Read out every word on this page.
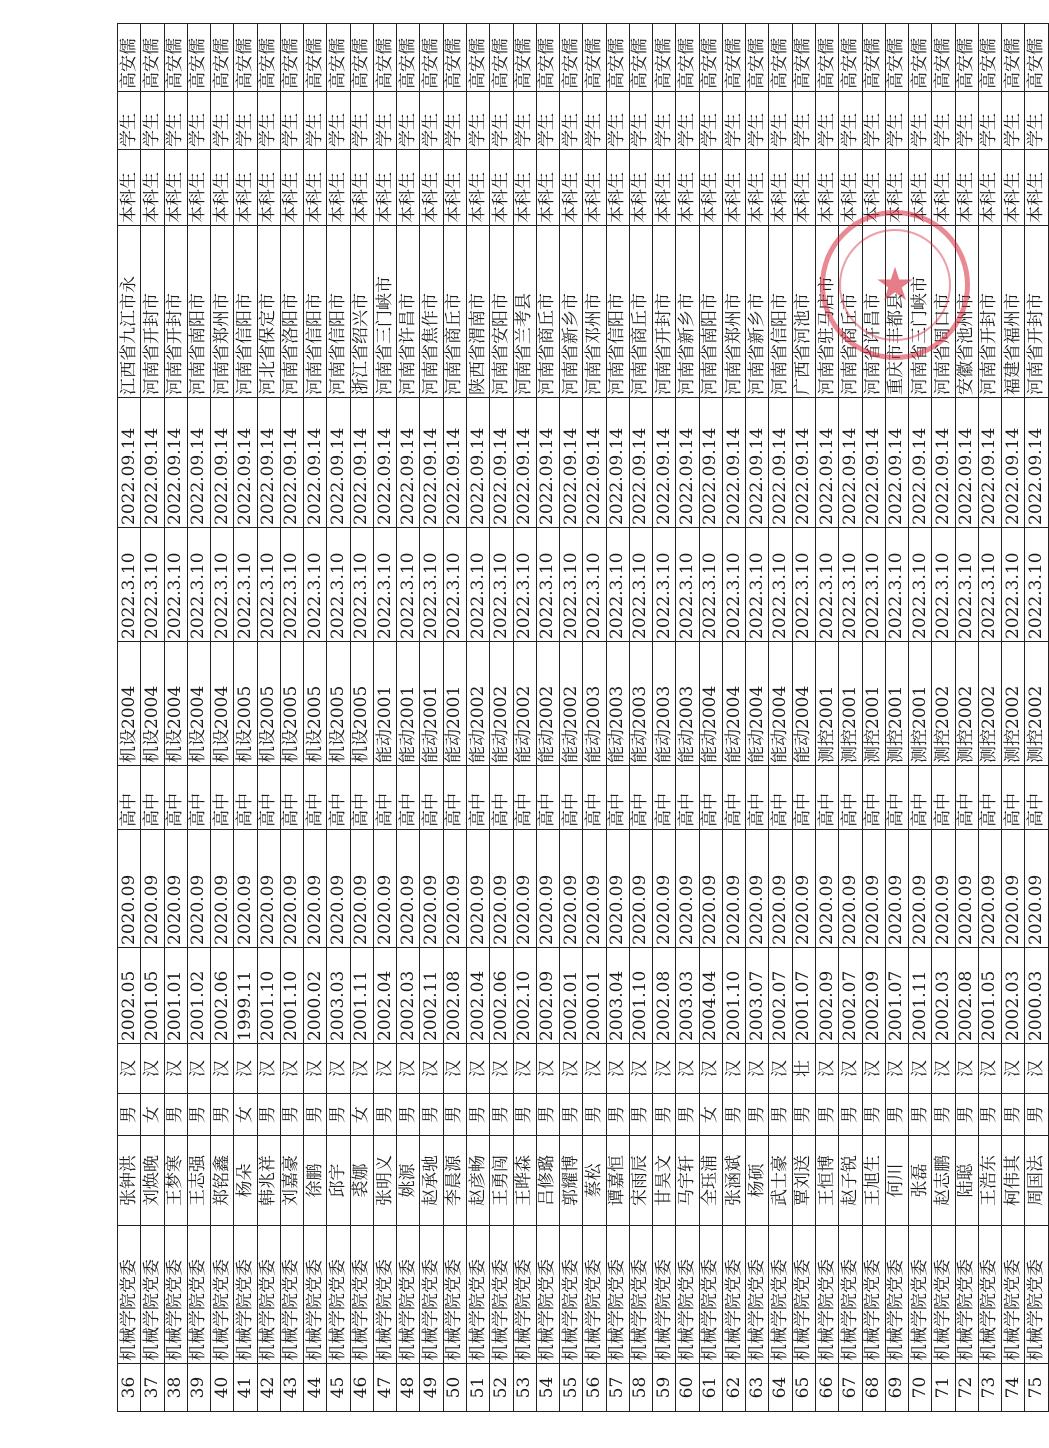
36	机械学院党委	张钟洪	男	汉	2002.05	2020.09	高中	机设2004	2022.3.10	2022.09.14	江西省九江市永	本科生	学生	高安儒
37	机械学院党委	刘焕晚	女	汉	2001.05	2020.09	高中	机设2004	2022.3.10	2022.09.14	河南省开封市	本科生	学生	高安儒
38	机械学院党委	王梦寒	男	汉	2001.01	2020.09	高中	机设2004	2022.3.10	2022.09.14	河南省开封市	本科生	学生	高安儒
39	机械学院党委	王志强	男	汉	2001.02	2020.09	高中	机设2004	2022.3.10	2022.09.14	河南省南阳市	本科生	学生	高安儒
40	机械学院党委	郑铭鑫	男	汉	2002.06	2020.09	高中	机设2004	2022.3.10	2022.09.14	河南省郑州市	本科生	学生	高安儒
41	机械学院党委	杨朵	女	汉	1999.11	2020.09	高中	机设2005	2022.3.10	2022.09.14	河南省信阳市	本科生	学生	高安儒
42	机械学院党委	韩兆祥	男	汉	2001.10	2020.09	高中	机设2005	2022.3.10	2022.09.14	河北省保定市	本科生	学生	高安儒
43	机械学院党委	刘嘉豪	男	汉	2001.10	2020.09	高中	机设2005	2022.3.10	2022.09.14	河南省洛阳市	本科生	学生	高安儒
44	机械学院党委	徐鹏	男	汉	2000.02	2020.09	高中	机设2005	2022.3.10	2022.09.14	河南省信阳市	本科生	学生	高安儒
45	机械学院党委	邱宇	男	汉	2003.03	2020.09	高中	机设2005	2022.3.10	2022.09.14	河南省信阳市	本科生	学生	高安儒
46	机械学院党委	裘娜	女	汉	2001.11	2020.09	高中	机设2005	2022.3.10	2022.09.14	浙江省绍兴市	本科生	学生	高安儒
47	机械学院党委	张明义	男	汉	2002.04	2020.09	高中	能动2001	2022.3.10	2022.09.14	河南省三门峡市	本科生	学生	高安儒
48	机械学院党委	姚源	男	汉	2002.03	2020.09	高中	能动2001	2022.3.10	2022.09.14	河南省许昌市	本科生	学生	高安儒
49	机械学院党委	赵承驰	男	汉	2002.11	2020.09	高中	能动2001	2022.3.10	2022.09.14	河南省焦作市	本科生	学生	高安儒
50	机械学院党委	李晨源	男	汉	2002.08	2020.09	高中	能动2001	2022.3.10	2022.09.14	河南省商丘市	本科生	学生	高安儒
51	机械学院党委	赵彦畅	男	汉	2002.04	2020.09	高中	能动2002	2022.3.10	2022.09.14	陕西省渭南市	本科生	学生	高安儒
52	机械学院党委	王勇闯	男	汉	2002.06	2020.09	高中	能动2002	2022.3.10	2022.09.14	河南省安阳市	本科生	学生	高安儒
53	机械学院党委	王晔森	男	汉	2002.10	2020.09	高中	能动2002	2022.3.10	2022.09.14	河南省兰考县	本科生	学生	高安儒
54	机械学院党委	吕修璐	男	汉	2002.09	2020.09	高中	能动2002	2022.3.10	2022.09.14	河南省商丘市	本科生	学生	高安儒
55	机械学院党委	郭耀博	男	汉	2002.01	2020.09	高中	能动2002	2022.3.10	2022.09.14	河南省新乡市	本科生	学生	高安儒
56	机械学院党委	蔡松	男	汉	2000.01	2020.09	高中	能动2003	2022.3.10	2022.09.14	河南省邓州市	本科生	学生	高安儒
57	机械学院党委	谭嘉恒	男	汉	2003.04	2020.09	高中	能动2003	2022.3.10	2022.09.14	河南省信阳市	本科生	学生	高安儒
58	机械学院党委	宋雨辰	男	汉	2001.10	2020.09	高中	能动2003	2022.3.10	2022.09.14	河南省商丘市	本科生	学生	高安儒
59	机械学院党委	甘昊文	男	汉	2002.08	2020.09	高中	能动2003	2022.3.10	2022.09.14	河南省开封市	本科生	学生	高安儒
60	机械学院党委	马宇轩	男	汉	2003.03	2020.09	高中	能动2003	2022.3.10	2022.09.14	河南省新乡市	本科生	学生	高安儒
61	机械学院党委	全珏浦	女	汉	2004.04	2020.09	高中	能动2004	2022.3.10	2022.09.14	河南省南阳市	本科生	学生	高安儒
62	机械学院党委	张涵斌	男	汉	2001.10	2020.09	高中	能动2004	2022.3.10	2022.09.14	河南省郑州市	本科生	学生	高安儒
63	机械学院党委	杨硕	男	汉	2003.07	2020.09	高中	能动2004	2022.3.10	2022.09.14	河南省新乡市	本科生	学生	高安儒
64	机械学院党委	武士豪	男	汉	2002.07	2020.09	高中	能动2004	2022.3.10	2022.09.14	河南省信阳市	本科生	学生	高安儒
65	机械学院党委	覃刘送	男	壮	2001.07	2020.09	高中	能动2004	2022.3.10	2022.09.14	广西省河池市	本科生	学生	高安儒
66	机械学院党委	王恒博	男	汉	2002.09	2020.09	高中	测控2001	2022.3.10	2022.09.14	河南省驻马店市	本科生	学生	高安儒
67	机械学院党委	赵子锐	男	汉	2002.07	2020.09	高中	测控2001	2022.3.10	2022.09.14	河南省商丘市	本科生	学生	高安儒
68	机械学院党委	王旭生	男	汉	2002.09	2020.09	高中	测控2001	2022.3.10	2022.09.14	河南省许昌市	本科生	学生	高安儒
69	机械学院党委	何川	男	汉	2001.07	2020.09	高中	测控2001	2022.3.10	2022.09.14	重庆市丰都县	本科生	学生	高安儒
70	机械学院党委	张磊	男	汉	2001.11	2020.09	高中	测控2001	2022.3.10	2022.09.14	河南省三门峡市	本科生	学生	高安儒
71	机械学院党委	赵志鹏	男	汉	2002.03	2020.09	高中	测控2002	2022.3.10	2022.09.14	河南省周口市	本科生	学生	高安儒
72	机械学院党委	陆聪	男	汉	2002.08	2020.09	高中	测控2002	2022.3.10	2022.09.14	安徽省池州市	本科生	学生	高安儒
73	机械学院党委	王浩东	男	汉	2001.05	2020.09	高中	测控2002	2022.3.10	2022.09.14	河南省开封市	本科生	学生	高安儒
74	机械学院党委	柯伟其	男	汉	2002.03	2020.09	高中	测控2002	2022.3.10	2022.09.14	福建省福州市	本科生	学生	高安儒
75	机械学院党委	周国法	男	汉	2000.03	2020.09	高中	测控2002	2022.3.10	2022.09.14	河南省开封市	本科生	学生	高安儒
★
